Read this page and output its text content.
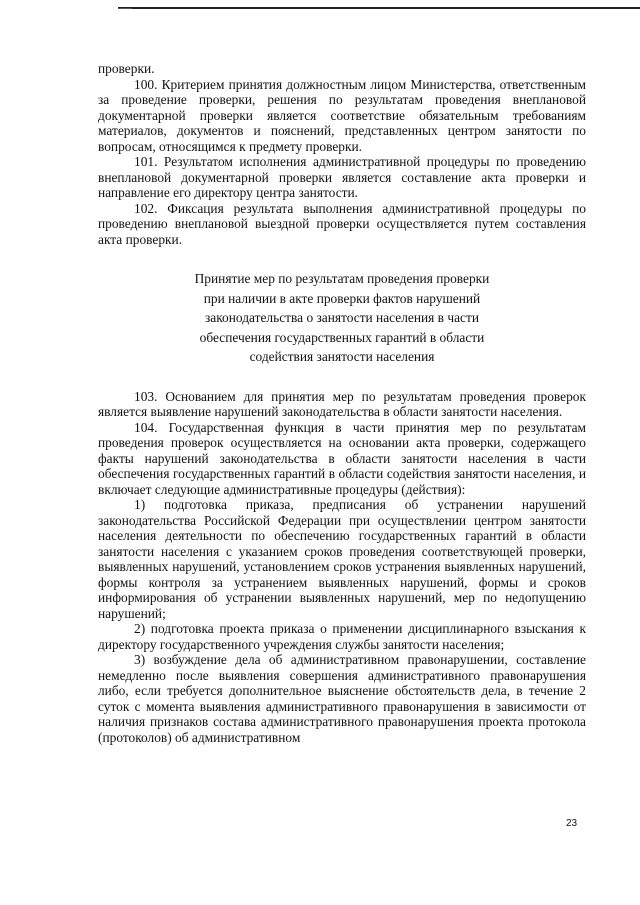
проверки.

100. Критерием принятия должностным лицом Министерства, ответственным за проведение проверки, решения по результатам проведения внеплановой документарной проверки является соответствие обязательным требованиям материалов, документов и пояснений, представленных центром занятости по вопросам, относящимся к предмету проверки.

101. Результатом исполнения административной процедуры по проведению внеплановой документарной проверки является составление акта проверки и направление его директору центра занятости.

102. Фиксация результата выполнения административной процедуры по проведению внеплановой выездной проверки осуществляется путем составления акта проверки.

Принятие мер по результатам проведения проверки
при наличии в акте проверки фактов нарушений
законодательства о занятости населения в части
обеспечения государственных гарантий в области
содействия занятости населения

103. Основанием для принятия мер по результатам проведения проверок является выявление нарушений законодательства в области занятости населения.

104. Государственная функция в части принятия мер по результатам проведения проверок осуществляется на основании акта проверки, содержащего факты нарушений законодательства в области занятости населения в части обеспечения государственных гарантий в области содействия занятости населения, и включает следующие административные процедуры (действия):

1) подготовка приказа, предписания об устранении нарушений законодательства Российской Федерации при осуществлении центром занятости населения деятельности по обеспечению государственных гарантий в области занятости населения с указанием сроков проведения соответствующей проверки, выявленных нарушений, установлением сроков устранения выявленных нарушений, формы контроля за устранением выявленных нарушений, формы и сроков информирования об устранении выявленных нарушений, мер по недопущению нарушений;

2) подготовка проекта приказа о применении дисциплинарного взыскания к директору государственного учреждения службы занятости населения;

3) возбуждение дела об административном правонарушении, составление немедленно после выявления совершения административного правонарушения либо, если требуется дополнительное выяснение обстоятельств дела, в течение 2 суток с момента выявления административного правонарушения в зависимости от наличия признаков состава административного правонарушения проекта протокола (протоколов) об административном

23
